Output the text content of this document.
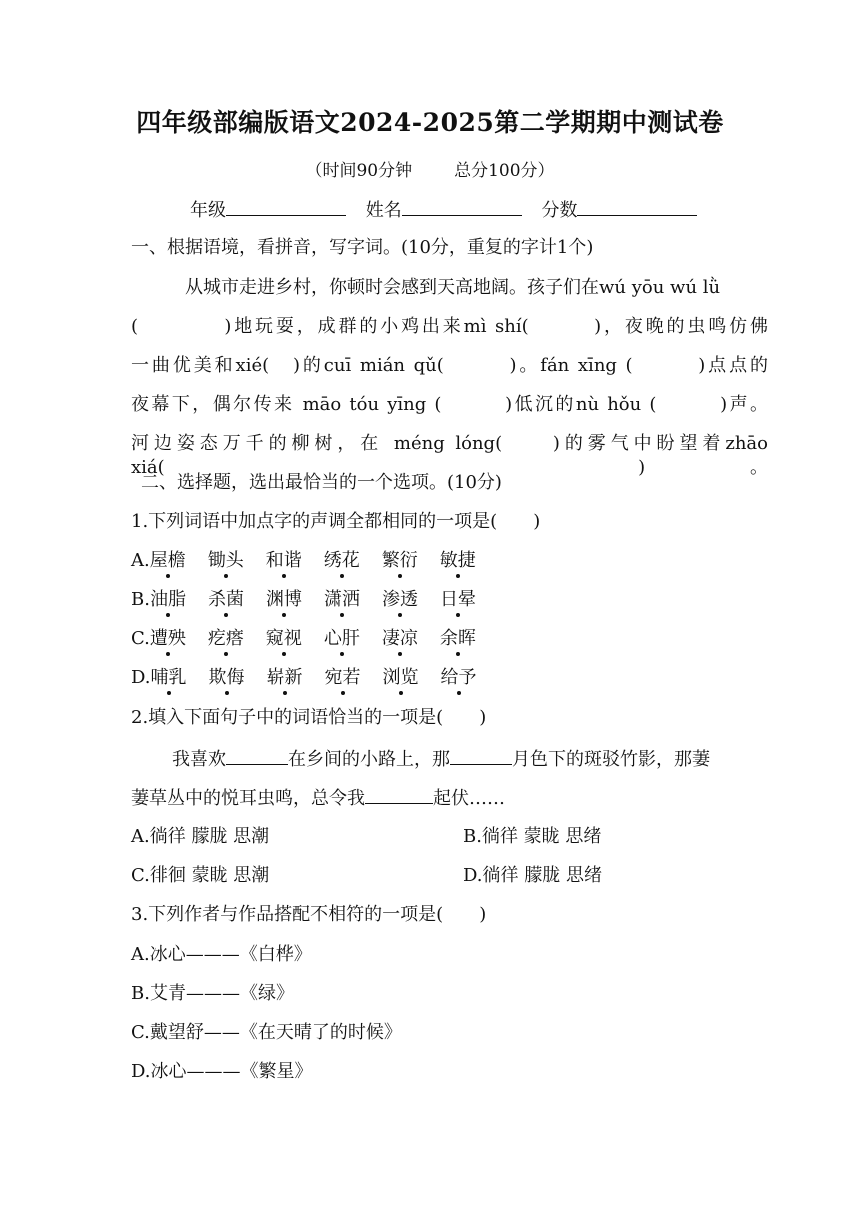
四年级部编版语文2024-2025第二学期期中测试卷
（时间90分钟 总分100分）
年级	姓名	分数
一、根据语境，看拼音，写字词。(10分，重复的字计1个)
从城市走进乡村，你顿时会感到天高地阔。孩子们在wú yōu wú lǜ
(　　　　)地玩耍，成群的小鸡出来mì shí(　　　)，夜晚的虫鸣仿佛
一曲优美和xié(　)的cuī mián qǔ(　　　)。fán xīng (　　　)点点的
夜幕下，偶尔传来 māo tóu yīng (　　　)低沉的nù hǒu (　　　)声。
河边姿态万千的柳树，在 méng lóng(　　)的雾气中盼望着zhāo xiá(　　　)。
二、选择题，选出最恰当的一个选项。(10分)
1.下列词语中加点字的声调全都相同的一项是(　　)
A.屋檐 锄头 和谐 绣花 繁衍 敏捷
B.油脂 杀菌 渊博 潇洒 渗透 日晕
C.遭殃 疙瘩 窥视 心肝 凄凉 余晖
D.哺乳 欺侮 崭新 宛若 浏览 给予
2.填入下面句子中的词语恰当的一项是(　　)
我喜欢	在乡间的小路上，那	月色下的斑驳竹影，那萋
萋草丛中的悦耳虫鸣，总令我	起伏……
A.徜徉 朦胧 思潮	B.徜徉 蒙眬 思绪
C.徘徊 蒙眬 思潮	D.徜徉 朦胧 思绪
3.下列作者与作品搭配不相符的一项是(　　)
A.冰心———《白桦》
B.艾青———《绿》
C.戴望舒——《在天晴了的时候》
D.冰心———《繁星》
